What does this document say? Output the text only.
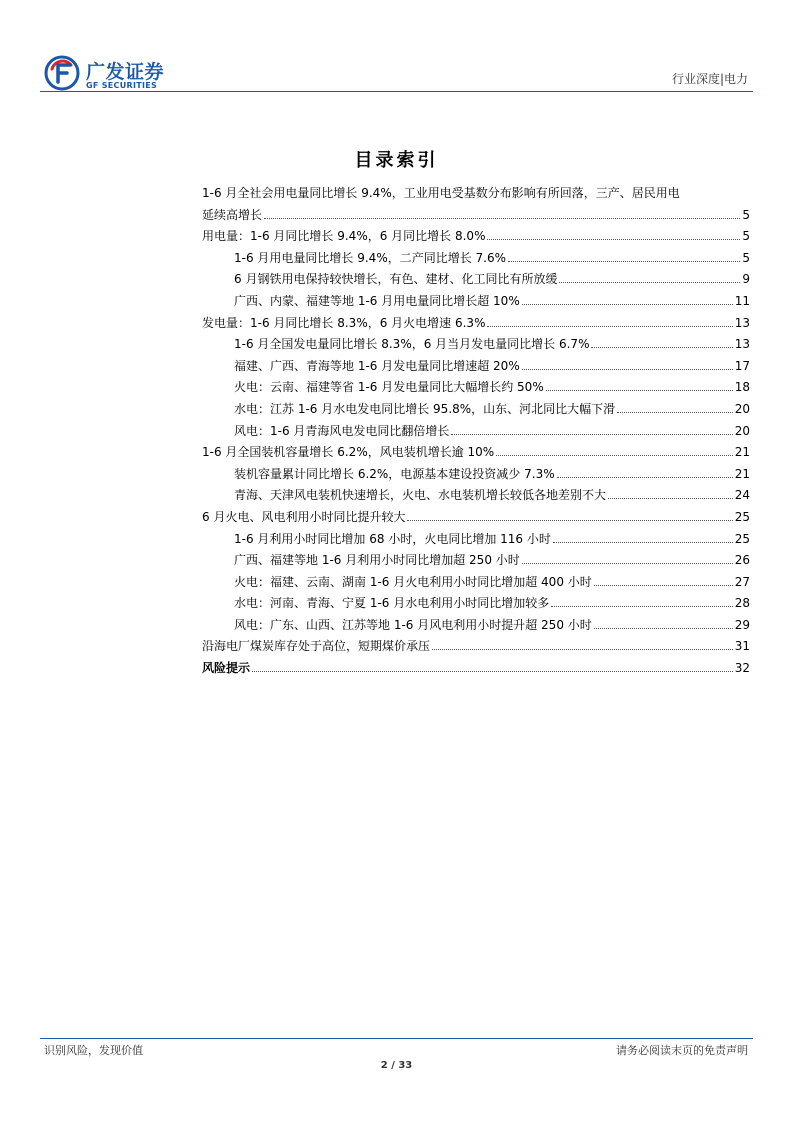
广发证券
GF SECURITIES	行业深度|电力
目录索引
1-6 月全社会用电量同比增长 9.4%，工业用电受基数分布影响有所回落，三产、居民用电
延续高增长	5
用电量：1-6 月同比增长 9.4%，6 月同比增长 8.0%	5
1-6 月用电量同比增长 9.4%，二产同比增长 7.6%	5
6 月钢铁用电保持较快增长，有色、建材、化工同比有所放缓	9
广西、内蒙、福建等地 1-6 月用电量同比增长超 10%	11
发电量：1-6 月同比增长 8.3%，6 月火电增速 6.3%	13
1-6 月全国发电量同比增长 8.3%，6 月当月发电量同比增长 6.7%	13
福建、广西、青海等地 1-6 月发电量同比增速超 20%	17
火电：云南、福建等省 1-6 月发电量同比大幅增长约 50%	18
水电：江苏 1-6 月水电发电同比增长 95.8%，山东、河北同比大幅下滑	20
风电：1-6 月青海风电发电同比翻倍增长	20
1-6 月全国装机容量增长 6.2%，风电装机增长逾 10%	21
装机容量累计同比增长 6.2%，电源基本建设投资减少 7.3%	21
青海、天津风电装机快速增长，火电、水电装机增长较低各地差别不大	24
6 月火电、风电利用小时同比提升较大	25
1-6 月利用小时同比增加 68 小时，火电同比增加 116 小时	25
广西、福建等地 1-6 月利用小时同比增加超 250 小时	26
火电：福建、云南、湖南 1-6 月火电利用小时同比增加超 400 小时	27
水电：河南、青海、宁夏 1-6 月水电利用小时同比增加较多	28
风电：广东、山西、江苏等地 1-6 月风电利用小时提升超 250 小时	29
沿海电厂煤炭库存处于高位，短期煤价承压	31
风险提示	32
识别风险，发现价值	请务必阅读末页的免责声明
2 / 33
